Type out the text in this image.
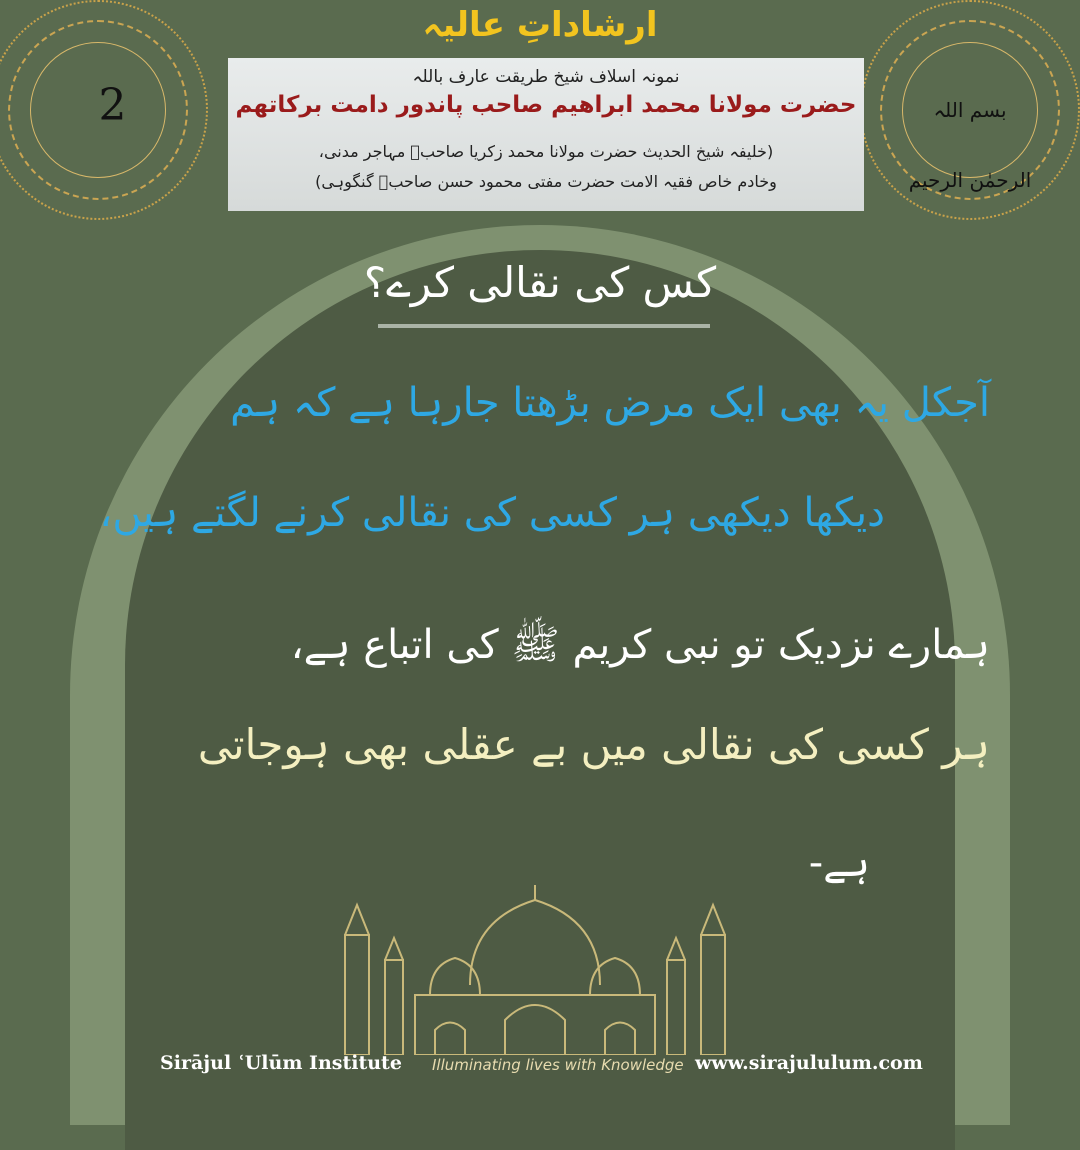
2	بسم اللہ الرحمٰن الرحیم
ارشاداتِ عالیہ
نمونہ اسلاف شیخ طریقت عارف باللہ
حضرت مولانا محمد ابراھیم صاحب پاندور دامت برکاتھم
(خلیفہ شیخ الحدیث حضرت مولانا محمد زکریا صاحبؒ مہاجر مدنی،
وخادم خاص فقیہ الامت حضرت مفتی محمود حسن صاحبؒ گنگوہی)
کس کی نقالی کرے؟
آجکل یہ بھی ایک مرض بڑھتا جارہا ہے کہ ہم
دیکھا دیکھی ہر کسی کی نقالی کرنے لگتے ہیں،
ہمارے نزدیک تو نبی کریم ﷺ کی اتباع ہے،
ہر کسی کی نقالی میں بے عقلی بھی ہوجاتی
ہے-
Sirājul ʿUlūm Institute Illuminating lives with Knowledge www.sirajululum.com
